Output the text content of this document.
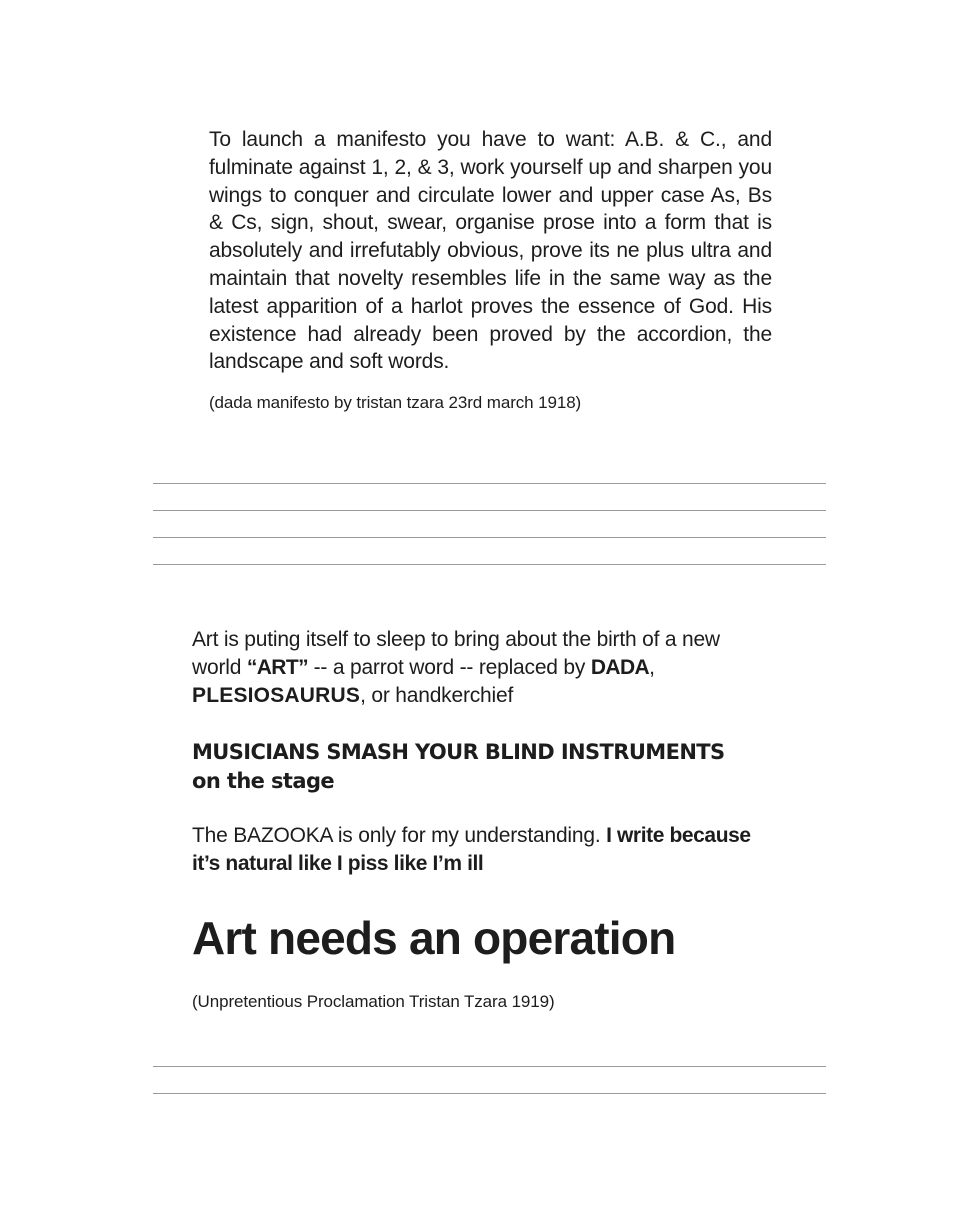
To launch a manifesto you have to want: A.B. & C., and fulminate against 1, 2, & 3, work yourself up and sharpen you wings to conquer and circulate lower and upper case As, Bs & Cs, sign, shout, swear, organise prose into a form that is absolutely and irrefutably obvious, prove its ne plus ultra and maintain that novelty resembles life in the same way as the latest apparition of a harlot proves the essence of God. His existence had already been proved by the accordion, the landscape and soft words.
(dada manifesto by tristan tzara 23rd march 1918)
Art is puting itself to sleep to bring about the birth of a new world “ART” -- a parrot word -- replaced by DADA,
PLESIOSAURUS, or handkerchief
MUSICIANS SMASH YOUR BLIND INSTRUMENTS
on the stage
The BAZOOKA is only for my understanding. I write because it’s natural like I piss like I’m ill
Art needs an operation
(Unpretentious Proclamation Tristan Tzara 1919)
